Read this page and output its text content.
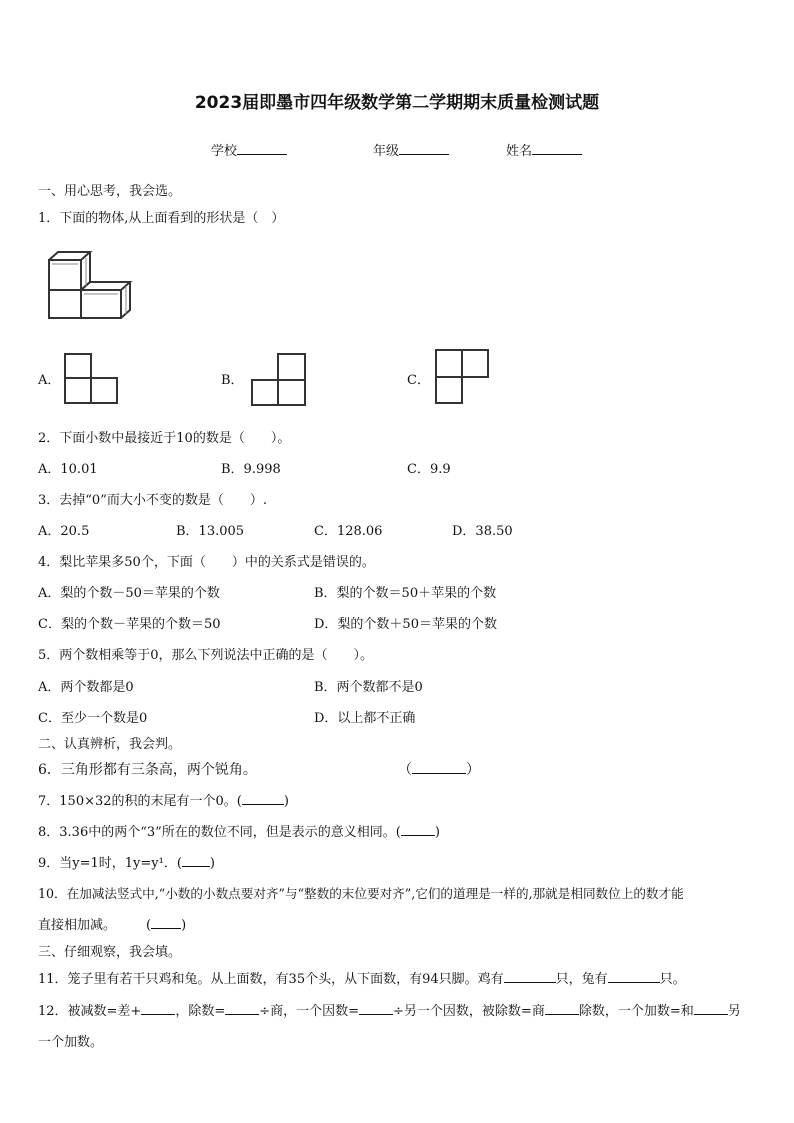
2023届即墨市四年级数学第二学期期末质量检测试题
学校	年级	姓名
一、用心思考，我会选。
1．下面的物体,从上面看到的形状是（　）
A．	B．	C．
2．下面小数中最接近于10的数是（　　）。
A．10.01	B．9.998	C．9.9
3．去掉“0”而大小不变的数是（　　）.
A．20.5	B．13.005	C．128.06	D．38.50
4．梨比苹果多50个，下面（　　）中的关系式是错误的。
A．梨的个数－50＝苹果的个数	B．梨的个数＝50＋苹果的个数
C．梨的个数－苹果的个数＝50	D．梨的个数＋50＝苹果的个数
5．两个数相乘等于0，那么下列说法中正确的是（　　）。
A．两个数都是0	B．两个数都不是0
C．至少一个数是0	D．以上都不正确
二、认真辨析，我会判。
6．三角形都有三条高，两个锐角。	（	）
7．150×32的积的末尾有一个0。(	)
8．3.36中的两个“3”所在的数位不同，但是表示的意义相同。(	)
9．当y=1时，1y=y¹．( )
10．在加减法竖式中,“小数的小数点要对齐”与“整数的末位要对齐”,它们的道理是一样的,那就是相同数位上的数才能
直接相加减。 ( )
三、仔细观察，我会填。
11．笼子里有若干只鸡和兔。从上面数，有35个头，从下面数，有94只脚。鸡有	只，兔有	只。
12．被减数=差+	，除数=	÷商，一个因数=	÷另一个因数，被除数=商	除数，一个加数=和	另
一个加数。
